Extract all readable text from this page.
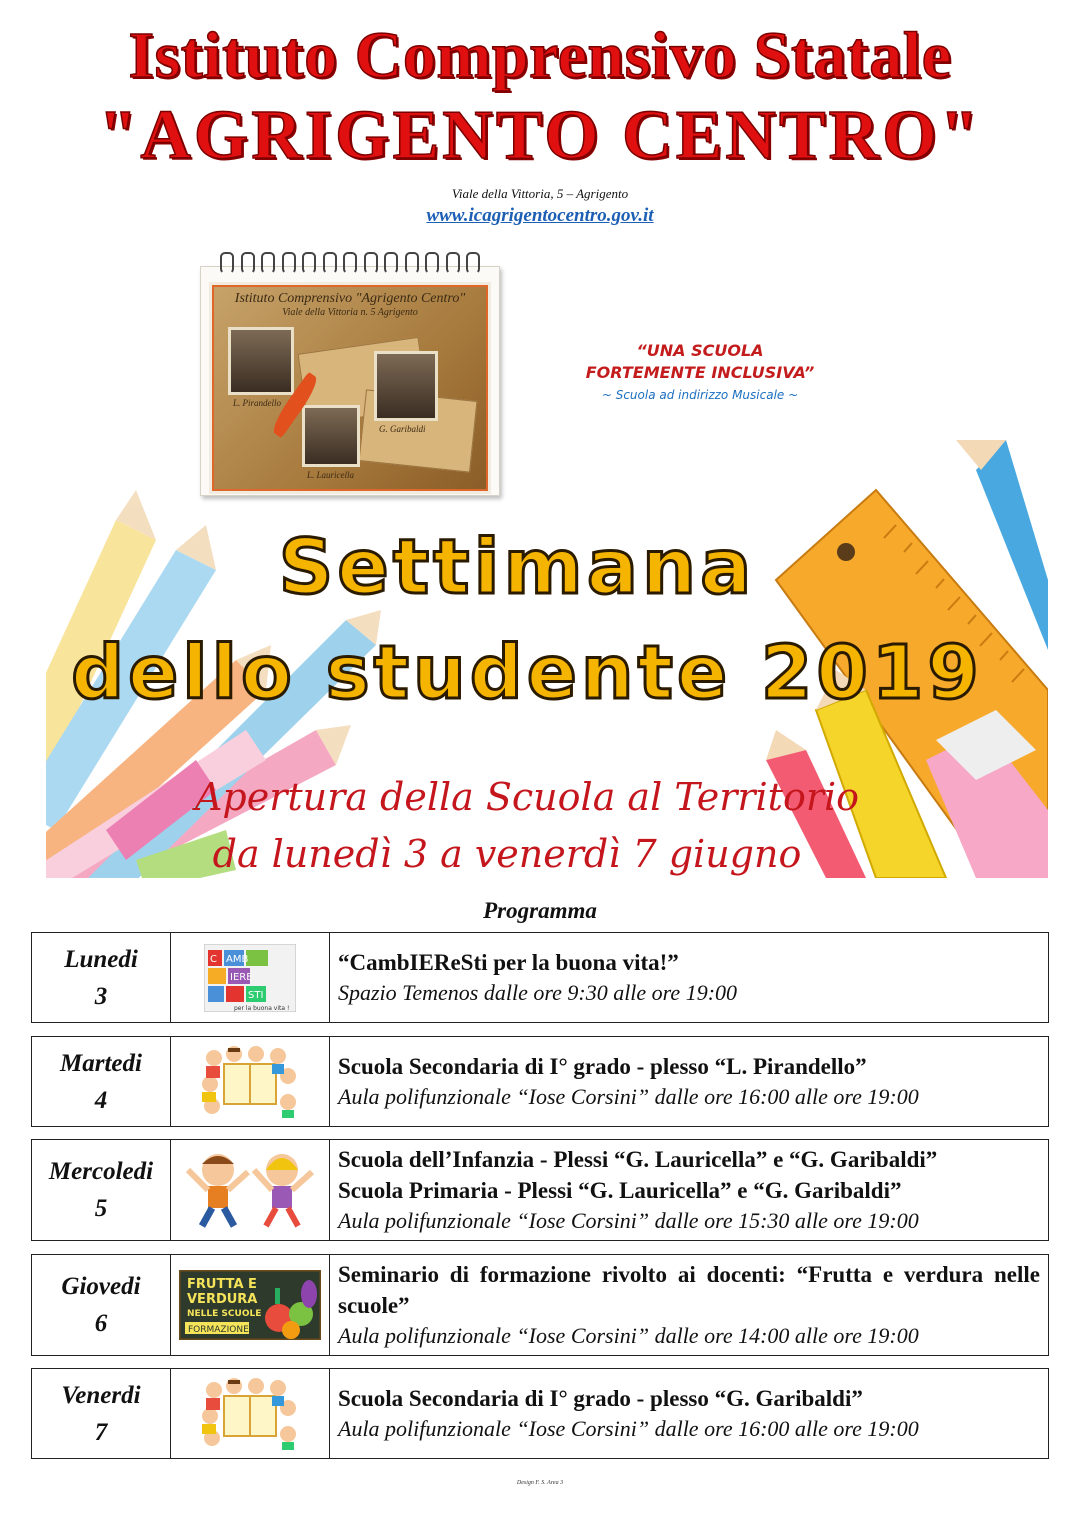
Istituto Comprensivo Statale
"AGRIGENTO CENTRO"
Viale della Vittoria, 5 – Agrigento
www.icagrigentocentro.gov.it
Istituto Comprensivo "Agrigento Centro"
Viale della Vittoria n. 5 Agrigento
L. Pirandello
G. Garibaldi
L. Lauricella
“UNA SCUOLA
FORTEMENTE INCLUSIVA”
~ Scuola ad indirizzo Musicale ~
Settimana
dello studente 2019
Apertura della Scuola al Territorio
da lunedì 3 a venerdì 7 giugno
Programma
Lunedi
3
C AMB
IERE
STI
per la buona vita !
“CambIEReSti per la buona vita!”
Spazio Temenos dalle ore 9:30 alle ore 19:00
Martedi
4
Scuola Secondaria di I° grado - plesso “L. Pirandello”
Aula polifunzionale “Iose Corsini” dalle ore 16:00 alle ore 19:00
Mercoledi
5
Scuola dell’Infanzia - Plessi “G. Lauricella” e “G. Garibaldi”
Scuola Primaria - Plessi “G. Lauricella” e “G. Garibaldi”
Aula polifunzionale “Iose Corsini” dalle ore 15:30 alle ore 19:00
Giovedi
6
FRUTTA E
VERDURA
NELLE SCUOLE
FORMAZIONE
Seminario di formazione rivolto ai docenti: “Frutta e verdura nelle scuole”
Aula polifunzionale “Iose Corsini” dalle ore 14:00 alle ore 19:00
Venerdi
7
Scuola Secondaria di I° grado - plesso “G. Garibaldi”
Aula polifunzionale “Iose Corsini” dalle ore 16:00 alle ore 19:00
Design F. S. Area 3
